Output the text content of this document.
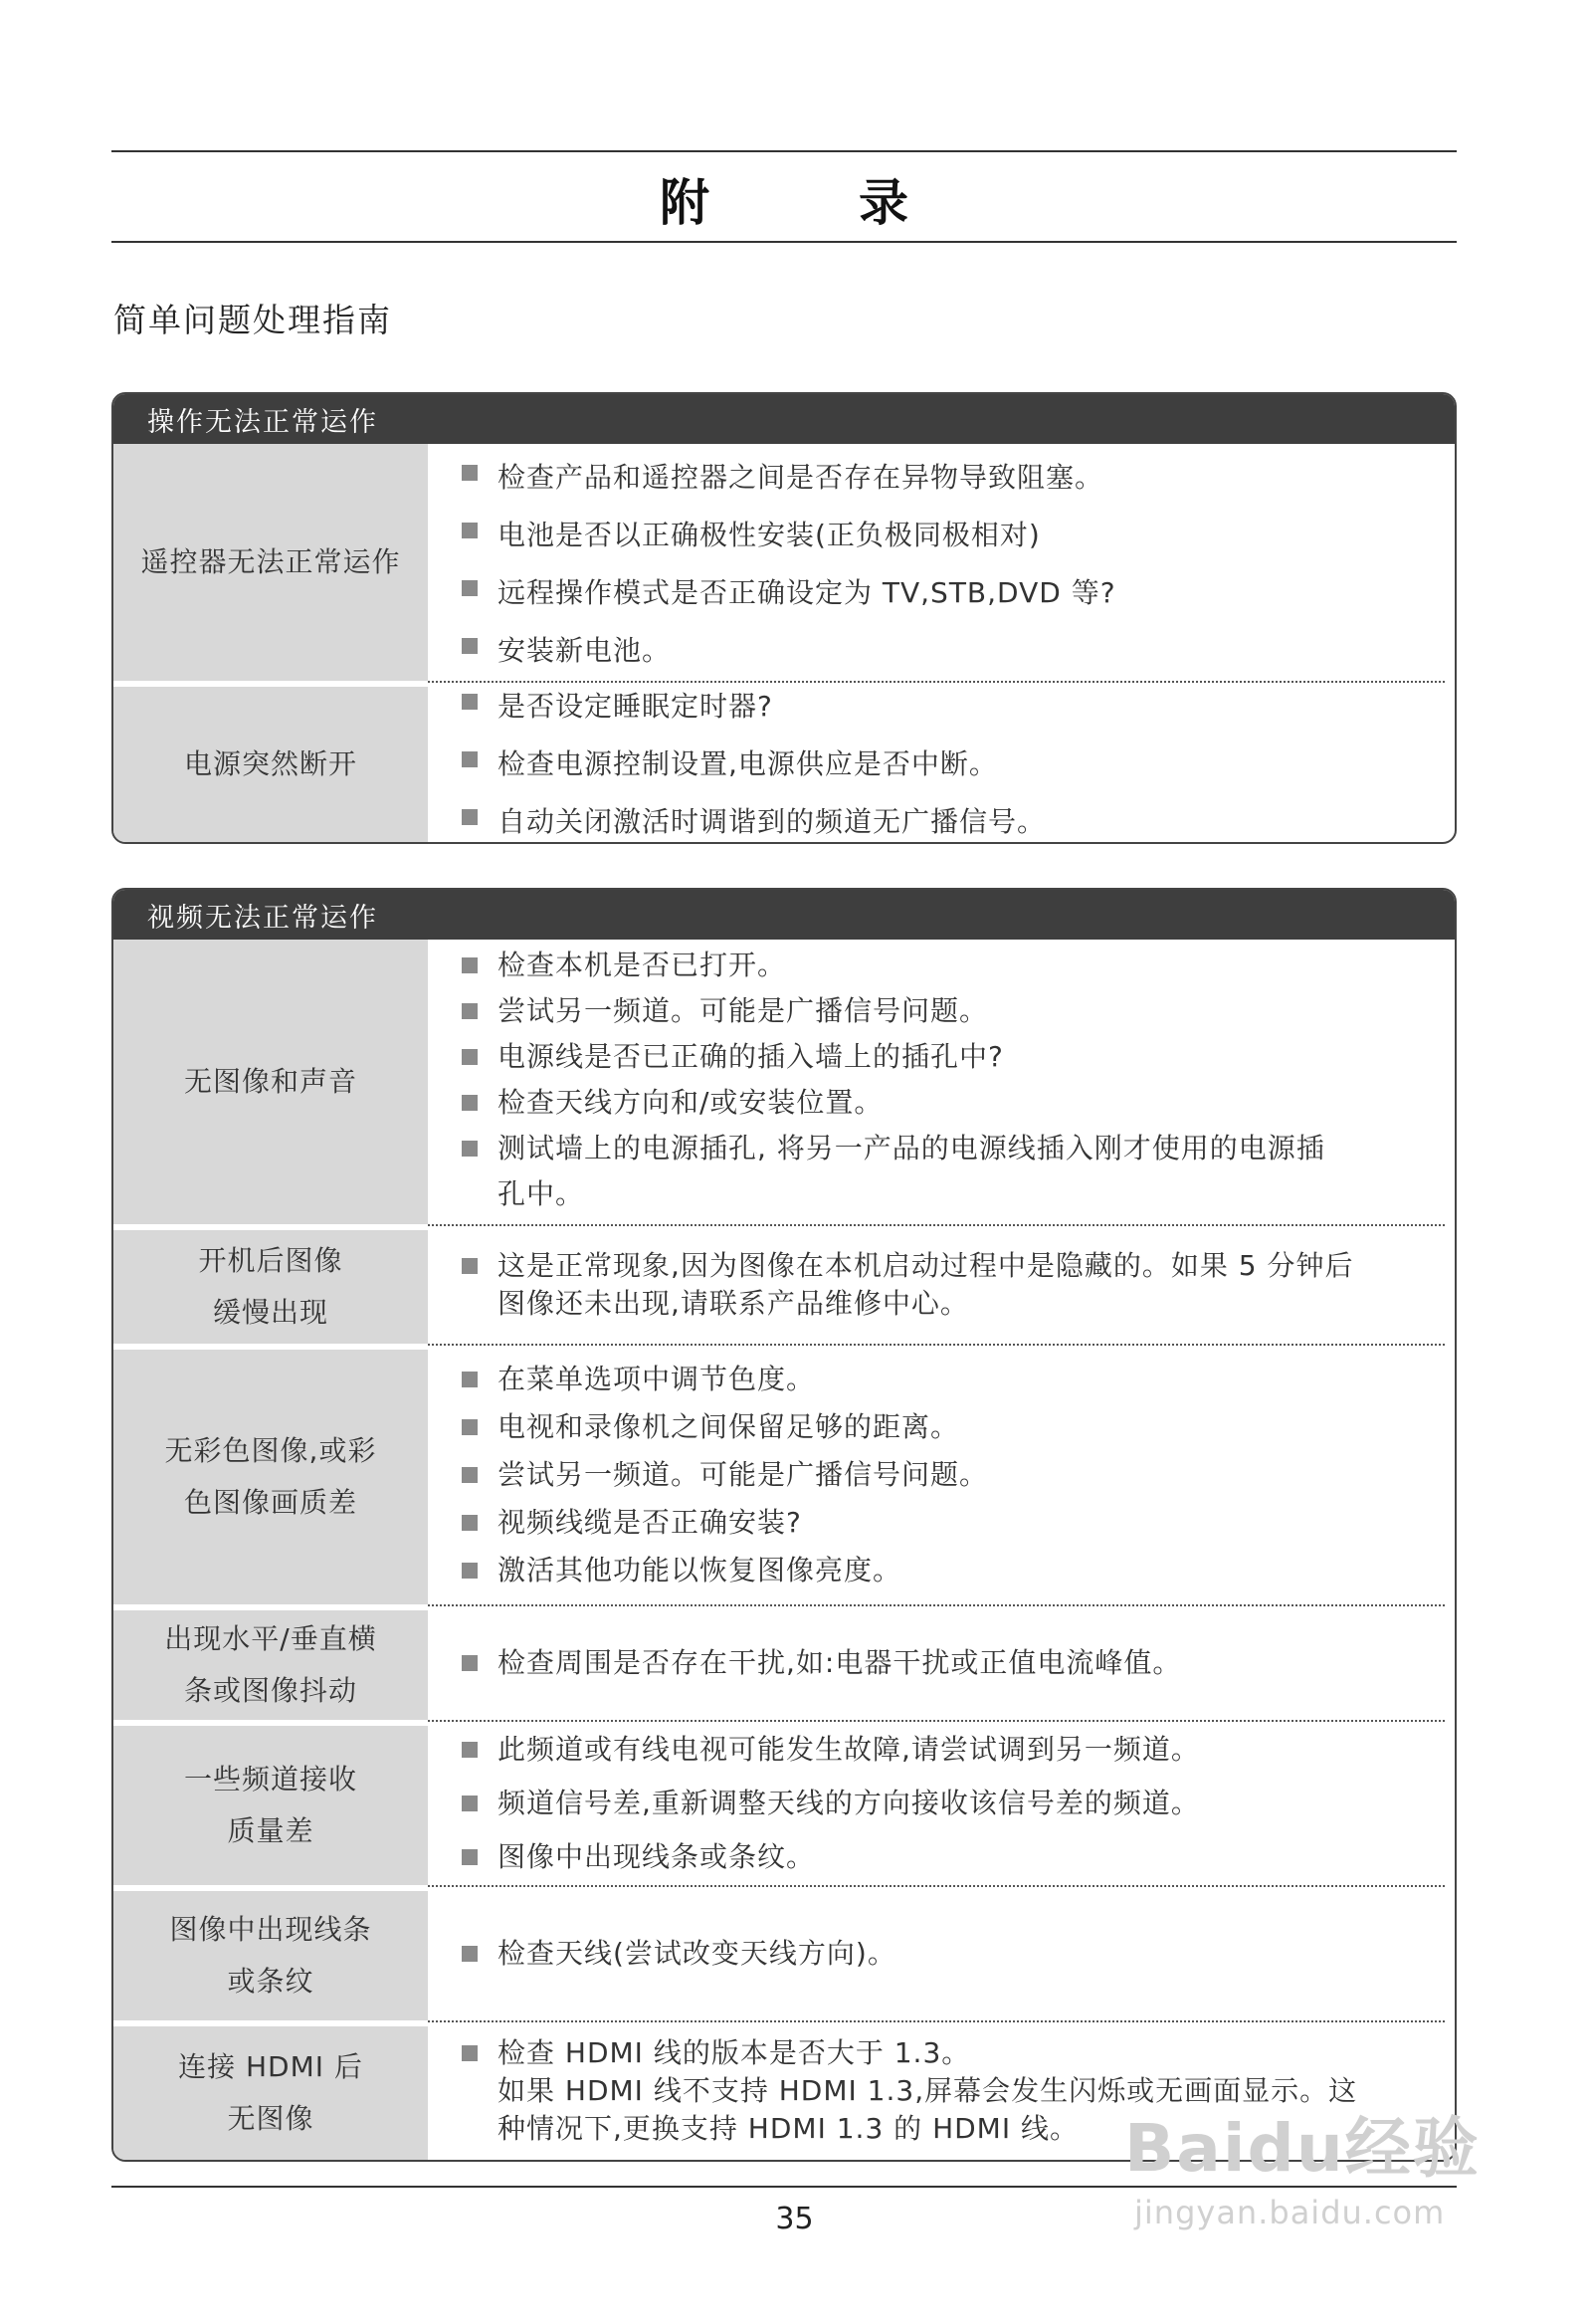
附	录
简单问题处理指南
操作无法正常运作
遥控器无法正常运作
检查产品和遥控器之间是否存在异物导致阻塞。
电池是否以正确极性安装(正负极同极相对)
远程操作模式是否正确设定为 TV,STB,DVD 等?
安装新电池。
电源突然断开
是否设定睡眠定时器?
检查电源控制设置,电源供应是否中断。
自动关闭激活时调谐到的频道无广播信号。
视频无法正常运作
无图像和声音
检查本机是否已打开。
尝试另一频道。可能是广播信号问题。
电源线是否已正确的插入墙上的插孔中?
检查天线方向和/或安装位置。
测试墙上的电源插孔, 将另一产品的电源线插入刚才使用的电源插
孔中。
开机后图像
缓慢出现
这是正常现象,因为图像在本机启动过程中是隐藏的。如果 5 分钟后
图像还未出现,请联系产品维修中心。
无彩色图像,或彩
色图像画质差
在菜单选项中调节色度。
电视和录像机之间保留足够的距离。
尝试另一频道。可能是广播信号问题。
视频线缆是否正确安装?
激活其他功能以恢复图像亮度。
出现水平/垂直横
条或图像抖动
检查周围是否存在干扰,如:电器干扰或正值电流峰值。
一些频道接收
质量差
此频道或有线电视可能发生故障,请尝试调到另一频道。
频道信号差,重新调整天线的方向接收该信号差的频道。
图像中出现线条或条纹。
图像中出现线条
或条纹
检查天线(尝试改变天线方向)。
连接 HDMI 后
无图像
检查 HDMI 线的版本是否大于 1.3。
如果 HDMI 线不支持 HDMI 1.3,屏幕会发生闪烁或无画面显示。这
种情况下,更换支持 HDMI 1.3 的 HDMI 线。
35
Baidu经验
jingyan.baidu.com
